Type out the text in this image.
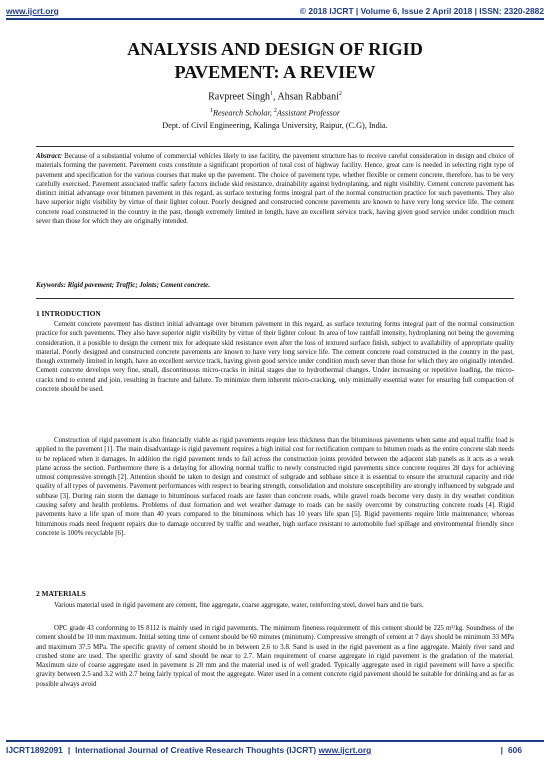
www.ijcrt.org	© 2018 IJCRT | Volume 6, Issue 2 April 2018 | ISSN: 2320-2882
ANALYSIS AND DESIGN OF RIGID
PAVEMENT: A REVIEW
Ravpreet Singh$^1$, Ahsan Rabbani$^2$
$^1$Research Scholar, $^2$Assistant Professor
Dept. of Civil Engineering, Kalinga University, Raipur, (C.G), India.
Abstract: Because of a substantial volume of commercial vehicles likely to use facility, the pavement structure has to receive careful consideration in design and choice of materials forming the pavement. Pavement costs constitute a significant proportion of total cost of highway facility. Hence, great care is needed in selecting right type of pavement and specification for the various courses that make up the pavement. The choice of pavement type, whether flexible or cement concrete, therefore, has to be very carefully exercised. Pavement associated traffic safety factors include skid resistance, drainability against hydroplaning, and night visibility. Cement concrete pavement has distinct initial advantage over bitumen pavement in this regard, as surface texturing forms integral part of the normal construction practice for such pavements. They also have superior night visibility by virtue of their lighter colour. Poorly designed and constructed concrete pavements are known to have very long service life. The cement concrete road constructed in the country in the past, though extremely limited in length, have an excellent service track, having given good service under condition much sever than those for which they are originally intended.
Keywords: Rigid pavement; Traffic; Joints; Cement concrete.
1 INTRODUCTION
Cement concrete pavement has distinct initial advantage over bitumen pavement in this regard, as surface texturing forms integral part of the normal construction practice for such pavements. They also have superior night visibility by virtue of their lighter colour. In area of low rainfall intensity, hydroplaning not being the governing consideration, it a possible to design the cement mix for adequate skid resistance even after the loss of textured surface finish, subject to availability of appropriate quality material. Poorly designed and constructed concrete pavements are known to have very long service life. The cement concrete road constructed in the country in the past, though extremely limited in length, have an excellent service track, having given good service under condition much sever than those for which they are originally intended. Cement concrete develops very fine, small, discontinuous micro-cracks in initial stages due to hydrothermal changes. Under increasing or repetitive loading, the micro-cracks tend to extend and join, resulting in fracture and failure. To minimize them inherent micro-cracking, only minimally essential water for ensuring full compaction of concrete should be used.
Construction of rigid pavement is also financially viable as rigid pavements require less thickness than the bituminous pavements when same and equal traffic load is applied to the pavement [1]. The main disadvantage is rigid pavement requires a high initial cost for rectification compare to bitumen roads as the entire concrete slab needs to be replaced when it damages. In addition the rigid pavement tends to fail across the construction joints provided between the adjacent slab panels as it acts as a weak plane across the section. Furthermore there is a delaying for allowing normal traffic to newly constructed rigid pavements since concrete requires 28 days for achieving utmost compressive strength [2]. Attention should be taken to design and construct of subgrade and subbase since it is essential to ensure the structural capacity and ride quality of all types of pavements. Pavement performances with respect to bearing strength, consolidation and moisture susceptibility are strongly influenced by subgrade and subbase [3]. During rain storm the damage to bituminous surfaced roads are faster than concrete roads, while gravel roads become very dusty in dry weather condition causing safety and health problems. Problems of dust formation and wet weather damage to roads can be easily overcome by constructing concrete roads [4]. Rigid pavements have a life span of more than 40 years compared to the bituminous which has 10 years life span [5]. Rigid pavements require little maintenance; whereas bituminous roads need frequent repairs due to damage occurred by traffic and weather, high surface resistant to automobile fuel spillage and environmental friendly since concrete is 100% recyclable [6].
2 MATERIALS
Various material used in rigid pavement are cement, fine aggregate, coarse aggregate, water, reinforcing steel, dowel bars and tie bars.
OPC grade 43 conforming to IS 8112 is mainly used in rigid pavements. The minimum fineness requirement of this cement should be 225 m²/kg. Soundness of the cement should be 10 mm maximum. Initial setting time of cement should be 60 minutes (minimum). Compressive strength of cement at 7 days should be minimum 33 MPa and maximum 37.5 MPa. The specific gravity of cement should be in between 2.6 to 3.8. Sand is used in the rigid pavement as a fine aggregate. Mainly river sand and crushed stone are used. The specific gravity of sand should be near to 2.7. Main requirement of coarse aggregate in rigid pavement is the gradation of the material. Maximum size of coarse aggregate used in pavement is 20 mm and the material used is of well graded. Typically aggregate used in rigid pavement will have a specific gravity between 2.5 and 3.2 with 2.7 being fairly typical of most the aggregate. Water used in a cement concrete rigid pavement should be suitable for drinking and as far as possible always avoid
IJCRT1892091 | International Journal of Creative Research Thoughts (IJCRT) www.ijcrt.org	| 606
